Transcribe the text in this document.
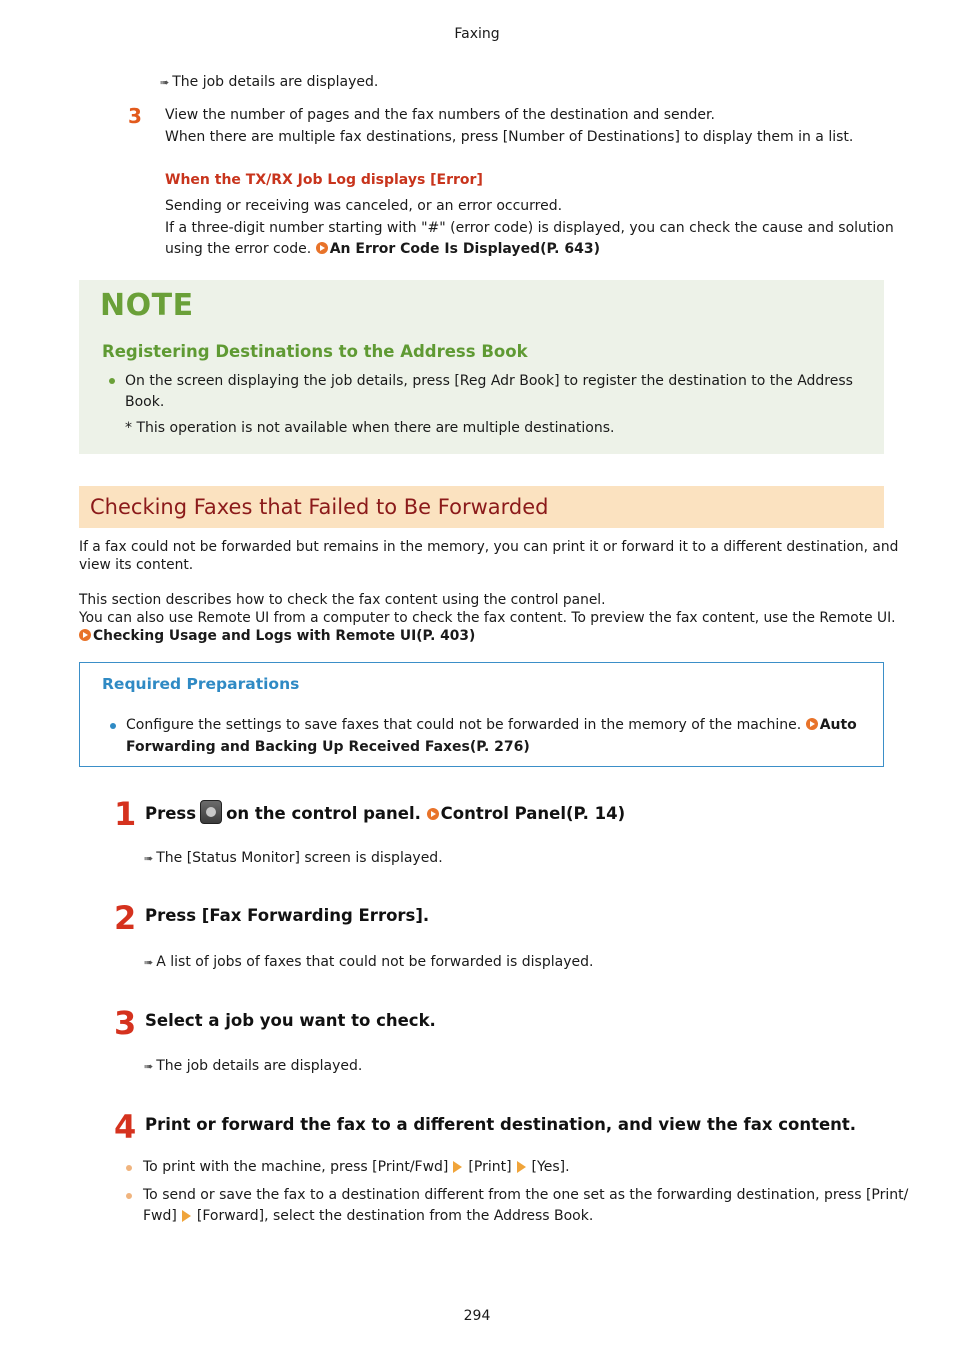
Faxing
➠ The job details are displayed.
3 View the number of pages and the fax numbers of the destination and sender.
When there are multiple fax destinations, press [Number of Destinations] to display them in a list.
When the TX/RX Job Log displays [Error]
Sending or receiving was canceled, or an error occurred.
If a three-digit number starting with "#" (error code) is displayed, you can check the cause and solution
using the error code. An Error Code Is Displayed(P. 643)
NOTE
Registering Destinations to the Address Book
On the screen displaying the job details, press [Reg Adr Book] to register the destination to the Address
Book.
* This operation is not available when there are multiple destinations.
Checking Faxes that Failed to Be Forwarded
If a fax could not be forwarded but remains in the memory, you can print it or forward it to a different destination, and
view its content.
This section describes how to check the fax content using the control panel.
You can also use Remote UI from a computer to check the fax content. To preview the fax content, use the Remote UI.
Checking Usage and Logs with Remote UI(P. 403)
Required Preparations
Configure the settings to save faxes that could not be forwarded in the memory of the machine. Auto
Forwarding and Backing Up Received Faxes(P. 276)
1 Press on the control panel. Control Panel(P. 14)
➠ The [Status Monitor] screen is displayed.
2 Press [Fax Forwarding Errors].
➠ A list of jobs of faxes that could not be forwarded is displayed.
3 Select a job you want to check.
➠ The job details are displayed.
4 Print or forward the fax to a different destination, and view the fax content.
To print with the machine, press [Print/Fwd] [Print] [Yes].
To send or save the fax to a destination different from the one set as the forwarding destination, press [Print/
Fwd] [Forward], select the destination from the Address Book.
294
